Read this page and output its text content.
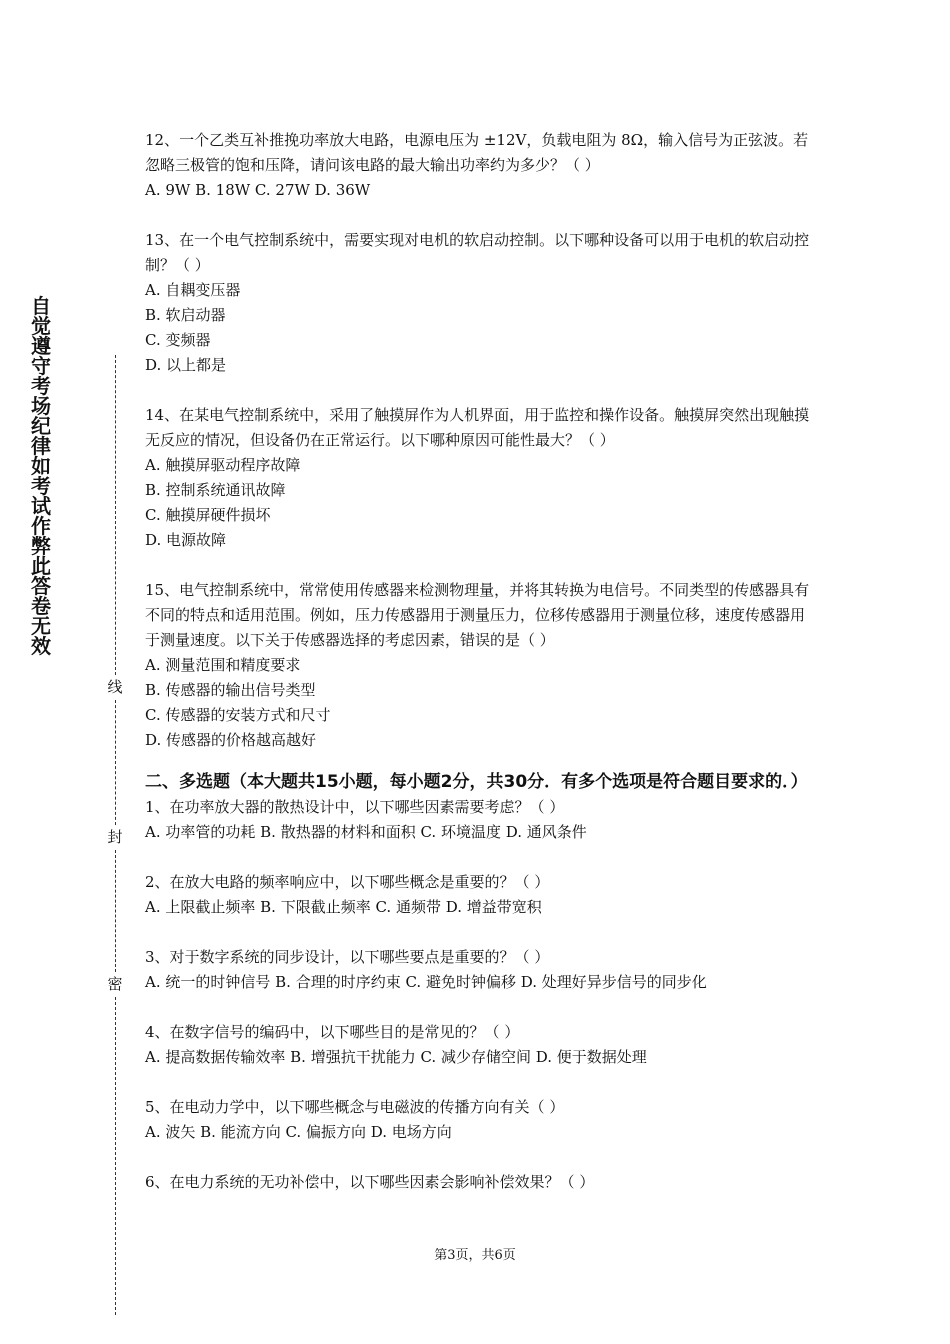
自觉遵守考场纪律如考试作弊此答卷无效
线
封
密

12、一个乙类互补推挽功率放大电路，电源电压为 ±12V，负载电阻为 8Ω，输入信号为正弦波。若忽略三极管的饱和压降，请问该电路的最大输出功率约为多少？（ ）

A. 9W B. 18W C. 27W D. 36W

13、在一个电气控制系统中，需要实现对电机的软启动控制。以下哪种设备可以用于电机的软启动控制？（ ）

A. 自耦变压器

B. 软启动器

C. 变频器

D. 以上都是

14、在某电气控制系统中，采用了触摸屏作为人机界面，用于监控和操作设备。触摸屏突然出现触摸无反应的情况，但设备仍在正常运行。以下哪种原因可能性最大？（ ）

A. 触摸屏驱动程序故障

B. 控制系统通讯故障

C. 触摸屏硬件损坏

D. 电源故障

15、电气控制系统中，常常使用传感器来检测物理量，并将其转换为电信号。不同类型的传感器具有不同的特点和适用范围。例如，压力传感器用于测量压力，位移传感器用于测量位移，速度传感器用于测量速度。以下关于传感器选择的考虑因素，错误的是（ ）

A. 测量范围和精度要求

B. 传感器的输出信号类型

C. 传感器的安装方式和尺寸

D. 传感器的价格越高越好

二、多选题（本大题共15小题，每小题2分，共30分．有多个选项是符合题目要求的．）

1、在功率放大器的散热设计中，以下哪些因素需要考虑？（ ）

A. 功率管的功耗 B. 散热器的材料和面积 C. 环境温度 D. 通风条件

2、在放大电路的频率响应中，以下哪些概念是重要的？（ ）

A. 上限截止频率 B. 下限截止频率 C. 通频带 D. 增益带宽积

3、对于数字系统的同步设计，以下哪些要点是重要的？（ ）

A. 统一的时钟信号 B. 合理的时序约束 C. 避免时钟偏移 D. 处理好异步信号的同步化

4、在数字信号的编码中，以下哪些目的是常见的？（ ）

A. 提高数据传输效率 B. 增强抗干扰能力 C. 减少存储空间 D. 便于数据处理

5、在电动力学中，以下哪些概念与电磁波的传播方向有关（ ）

A. 波矢 B. 能流方向 C. 偏振方向 D. 电场方向

6、在电力系统的无功补偿中，以下哪些因素会影响补偿效果？（ ）

第3页，共6页
